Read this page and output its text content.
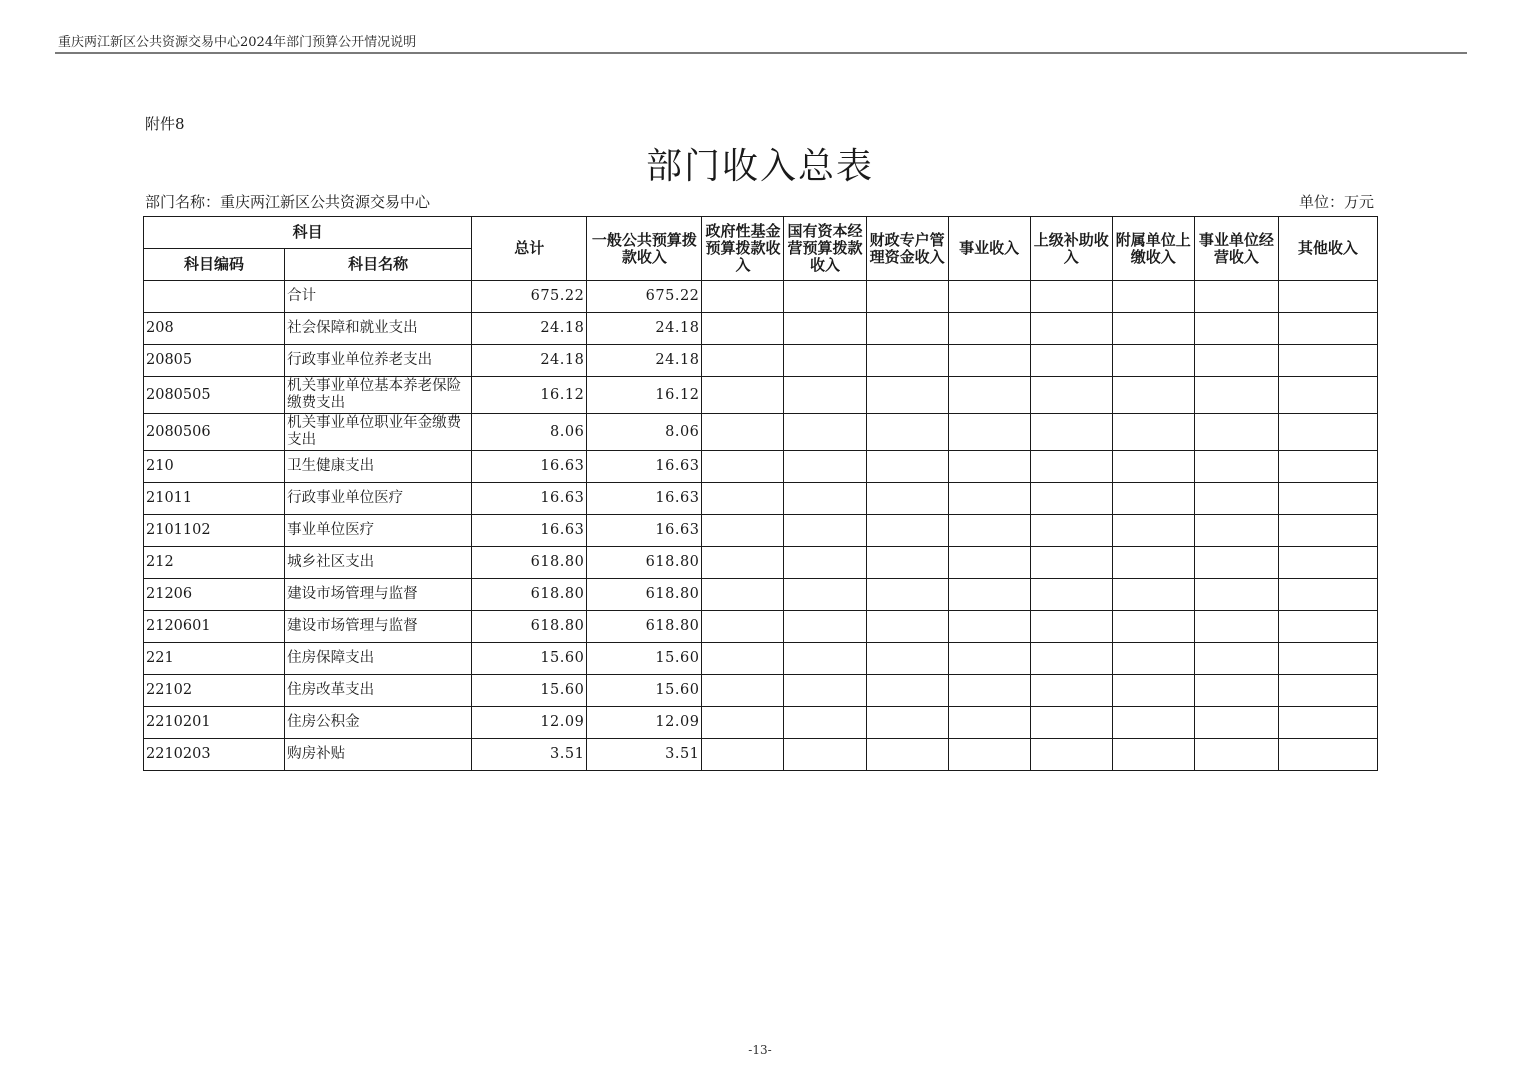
重庆两江新区公共资源交易中心2024年部门预算公开情况说明
附件8
部门收入总表
部门名称：重庆两江新区公共资源交易中心	单位：万元
科目		总计	一般公共预算拨款收入	政府性基金预算拨款收入	国有资本经营预算拨款收入	财政专户管理资金收入	事业收入	上级补助收入	附属单位上缴收入	事业单位经营收入	其他收入
科目编码	科目名称										
	合计	675.22	675.22								
208	社会保障和就业支出	24.18	24.18								
20805	行政事业单位养老支出	24.18	24.18								
2080505	机关事业单位基本养老保险缴费支出	16.12	16.12								
2080506	机关事业单位职业年金缴费支出	8.06	8.06								
210	卫生健康支出	16.63	16.63								
21011	行政事业单位医疗	16.63	16.63								
2101102	事业单位医疗	16.63	16.63								
212	城乡社区支出	618.80	618.80								
21206	建设市场管理与监督	618.80	618.80								
2120601	建设市场管理与监督	618.80	618.80								
221	住房保障支出	15.60	15.60								
22102	住房改革支出	15.60	15.60								
2210201	住房公积金	12.09	12.09								
2210203	购房补贴	3.51	3.51								
-13-
